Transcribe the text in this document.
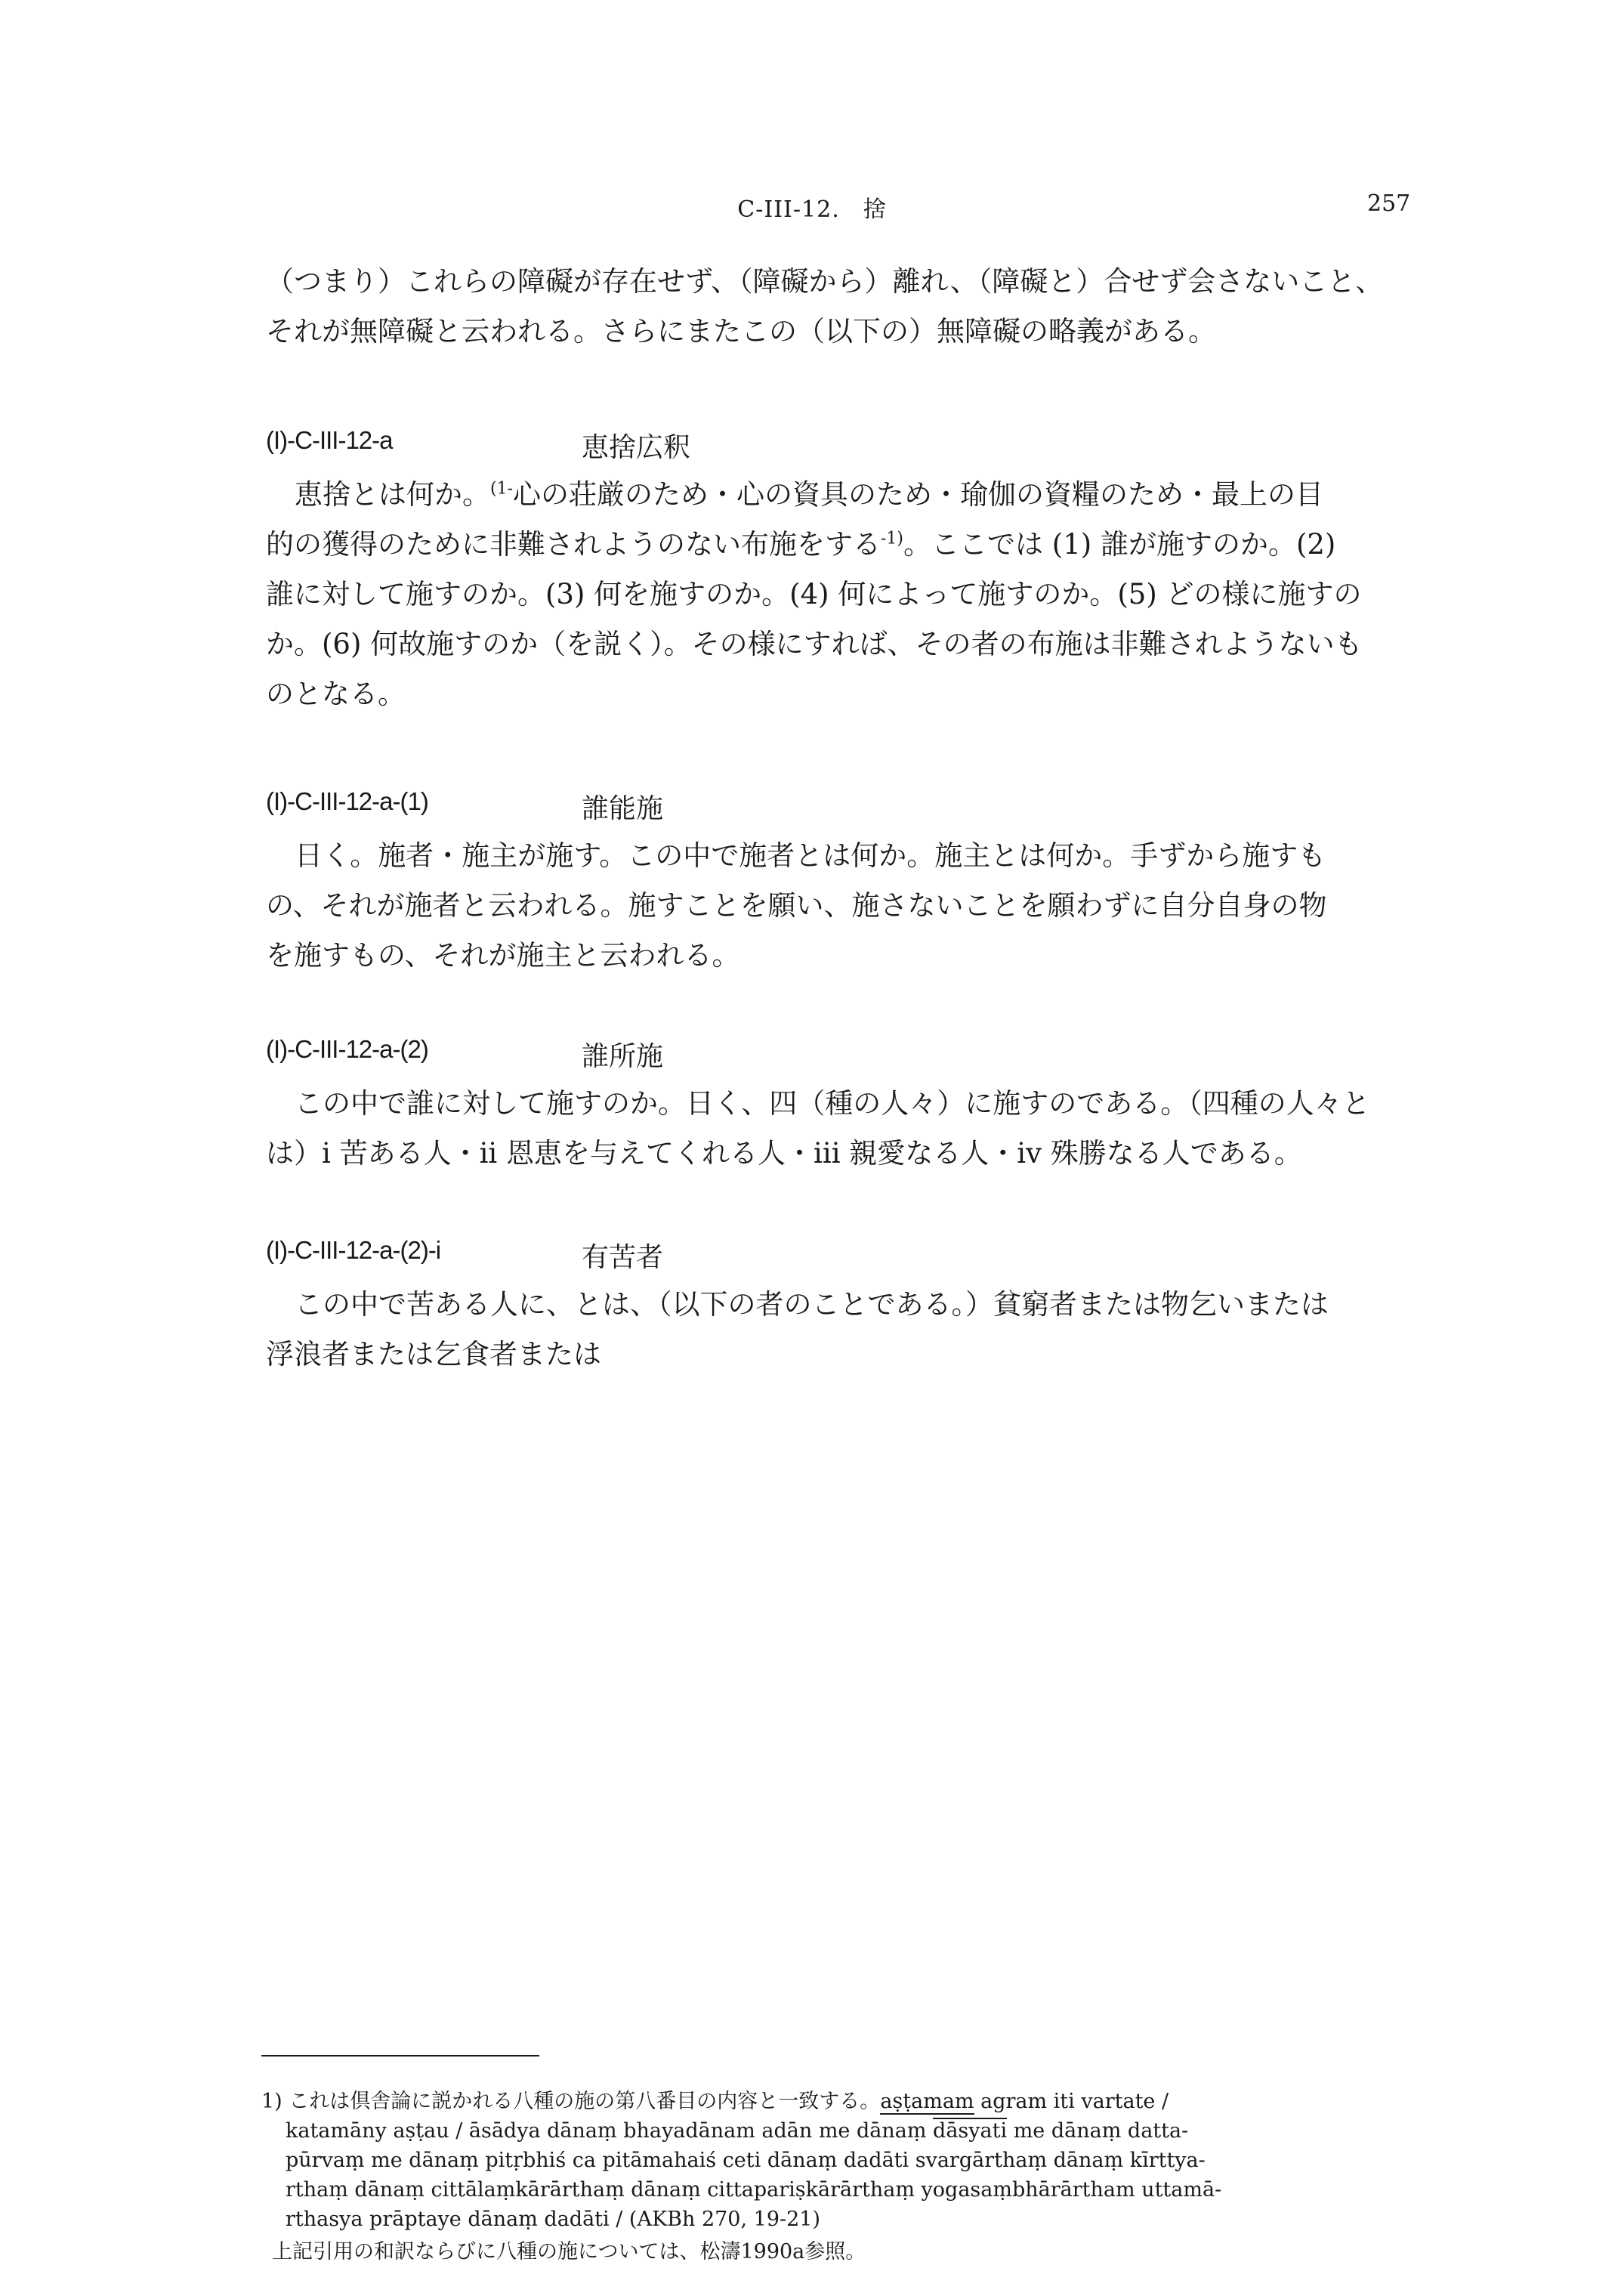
C-III-12.　捨	257

（つまり）これらの障礙が存在せず、（障礙から）離れ、（障礙と）合せず会さないこと、
それが無障礙と云われる。さらにまたこの（以下の）無障礙の略義がある。

(I)-C-III-12-a	恵捨広釈

恵捨とは何か。$^{(1-}$心の荘厳のため・心の資具のため・瑜伽の資糧のため・最上の目
的の獲得のために非難されようのない布施をする$^{-1)}$。ここでは (1) 誰が施すのか。(2)
誰に対して施すのか。(3) 何を施すのか。(4) 何によって施すのか。(5) どの様に施すの
か。(6) 何故施すのか（を説く）。その様にすれば、その者の布施は非難されようないも
のとなる。

(I)-C-III-12-a-(1)	誰能施

日く。施者・施主が施す。この中で施者とは何か。施主とは何か。手ずから施すも
の、それが施者と云われる。施すことを願い、施さないことを願わずに自分自身の物
を施すもの、それが施主と云われる。

(I)-C-III-12-a-(2)	誰所施

この中で誰に対して施すのか。日く、四（種の人々）に施すのである。（四種の人々と
は）i 苦ある人・ii 恩恵を与えてくれる人・iii 親愛なる人・iv 殊勝なる人である。

(I)-C-III-12-a-(2)-i	有苦者

この中で苦ある人に、とは、（以下の者のことである。）貧窮者または物乞いまたは
浮浪者または乞食者または

1) これは倶舎論に説かれる八種の施の第八番目の内容と一致する。aṣṭamam agram iti vartate /
katamāny aṣṭau / āsādya dānaṃ bhayadānam adān me dānaṃ dāsyati me dānaṃ datta-
pūrvaṃ me dānaṃ pitṛbhiś ca pitāmahaiś ceti dānaṃ dadāti svargārthaṃ dānaṃ kīrttya-
rthaṃ dānaṃ cittālaṃkārārthaṃ dānaṃ cittapariṣkārārthaṃ yogasaṃbhārārtham uttamā-
rthasya prāptaye dānaṃ dadāti / (AKBh 270, 19-21)
上記引用の和訳ならびに八種の施については、松濤1990a参照。
